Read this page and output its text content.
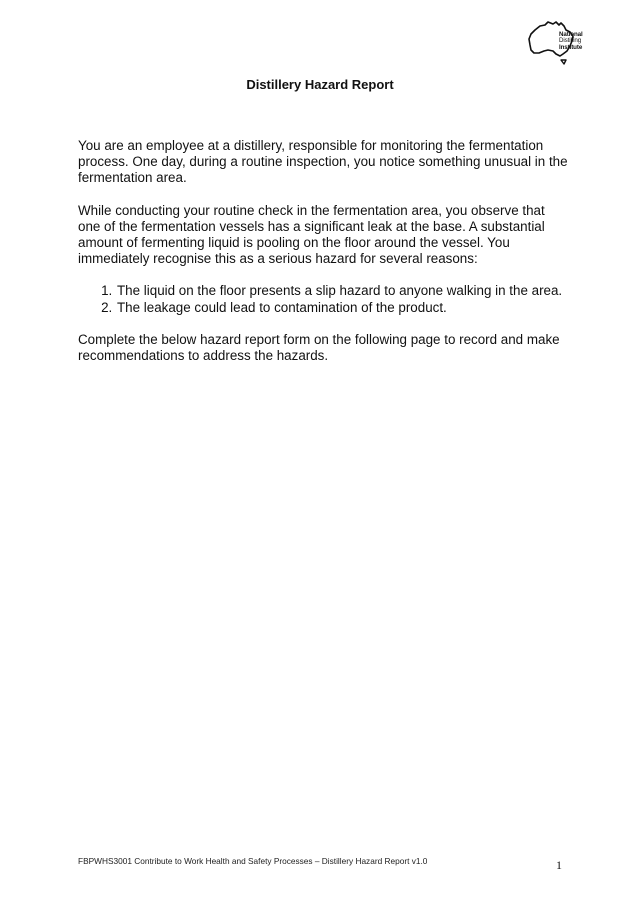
National
Distilling
Institute
Distillery Hazard Report

You are an employee at a distillery, responsible for monitoring the fermentation process. One day, during a routine inspection, you notice something unusual in the fermentation area.

While conducting your routine check in the fermentation area, you observe that one of the fermentation vessels has a significant leak at the base. A substantial amount of fermenting liquid is pooling on the floor around the vessel. You immediately recognise this as a serious hazard for several reasons:

1. The liquid on the floor presents a slip hazard to anyone walking in the area.
2. The leakage could lead to contamination of the product.

Complete the below hazard report form on the following page to record and make recommendations to address the hazards.

FBPWHS3001 Contribute to Work Health and Safety Processes – Distillery Hazard Report v1.0	1
